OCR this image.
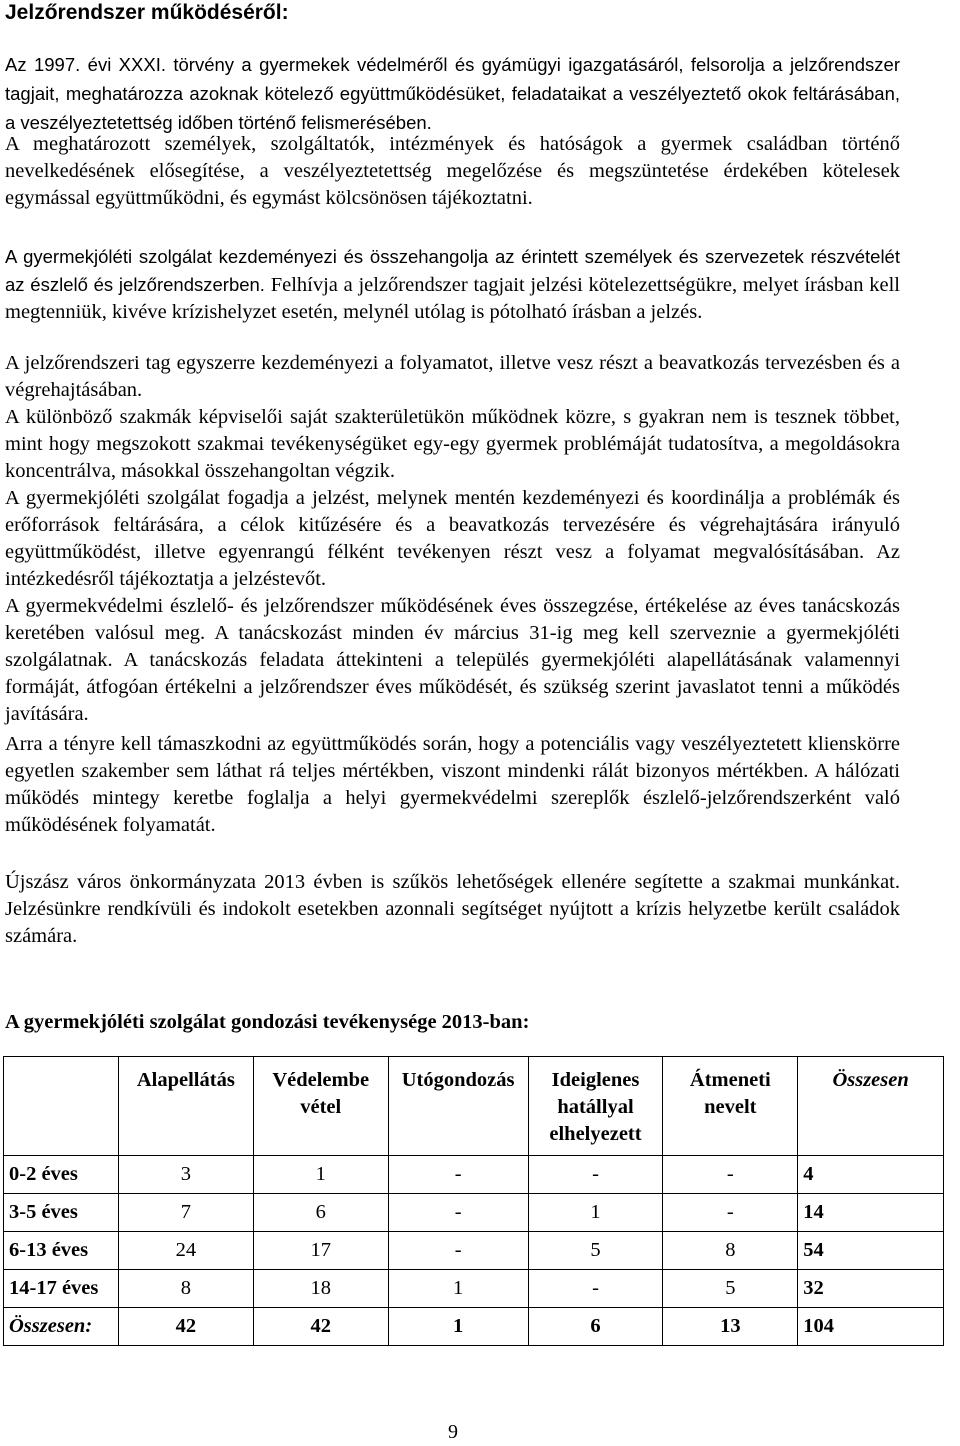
Jelzőrendszer működéséről:

Az 1997. évi XXXI. törvény a gyermekek védelméről és gyámügyi igazgatásáról, felsorolja a jelzőrendszer tagjait, meghatározza azoknak kötelező együttműködésüket, feladataikat a veszélyeztető okok feltárásában, a veszélyeztetettség időben történő felismerésében.

A meghatározott személyek, szolgáltatók, intézmények és hatóságok a gyermek családban történő nevelkedésének elősegítése, a veszélyeztetettség megelőzése és megszüntetése érdekében kötelesek egymással együttműködni, és egymást kölcsönösen tájékoztatni.

A gyermekjóléti szolgálat kezdeményezi és összehangolja az érintett személyek és szervezetek részvételét az észlelő és jelzőrendszerben. Felhívja a jelzőrendszer tagjait jelzési kötelezettségükre, melyet írásban kell megtenniük, kivéve krízishelyzet esetén, melynél utólag is pótolható írásban a jelzés.

A jelzőrendszeri tag egyszerre kezdeményezi a folyamatot, illetve vesz részt a beavatkozás tervezésben és a végrehajtásában.

A különböző szakmák képviselői saját szakterületükön működnek közre, s gyakran nem is tesznek többet, mint hogy megszokott szakmai tevékenységüket egy-egy gyermek problémáját tudatosítva, a megoldásokra koncentrálva, másokkal összehangoltan végzik.

A gyermekjóléti szolgálat fogadja a jelzést, melynek mentén kezdeményezi és koordinálja a problémák és erőforrások feltárására, a célok kitűzésére és a beavatkozás tervezésére és végrehajtására irányuló együttműködést, illetve egyenrangú félként tevékenyen részt vesz a folyamat megvalósításában. Az intézkedésről tájékoztatja a jelzéstevőt.

A gyermekvédelmi észlelő- és jelzőrendszer működésének éves összegzése, értékelése az éves tanácskozás keretében valósul meg. A tanácskozást minden év március 31-ig meg kell szerveznie a gyermekjóléti szolgálatnak. A tanácskozás feladata áttekinteni a település gyermekjóléti alapellátásának valamennyi formáját, átfogóan értékelni a jelzőrendszer éves működését, és szükség szerint javaslatot tenni a működés javítására.

Arra a tényre kell támaszkodni az együttműködés során, hogy a potenciális vagy veszélyeztetett klienskörre egyetlen szakember sem láthat rá teljes mértékben, viszont mindenki rálát bizonyos mértékben. A hálózati működés mintegy keretbe foglalja a helyi gyermekvédelmi szereplők észlelő-jelzőrendszerként való működésének folyamatát.

Újszász város önkormányzata 2013 évben is szűkös lehetőségek ellenére segítette a szakmai munkánkat. Jelzésünkre rendkívüli és indokolt esetekben azonnali segítséget nyújtott a krízis helyzetbe került családok számára.

A gyermekjóléti szolgálat gondozási tevékenysége 2013-ban:
	Alapellátás	Védelembe vétel	Utógondozás	Ideiglenes hatállyal elhelyezett	Átmeneti nevelt	Összesen
0-2 éves	3	1	-	-	-	4
3-5 éves	7	6	-	1	-	14
6-13 éves	24	17	-	5	8	54
14-17 éves	8	18	1	-	5	32
Összesen:	42	42	1	6	13	104
9
